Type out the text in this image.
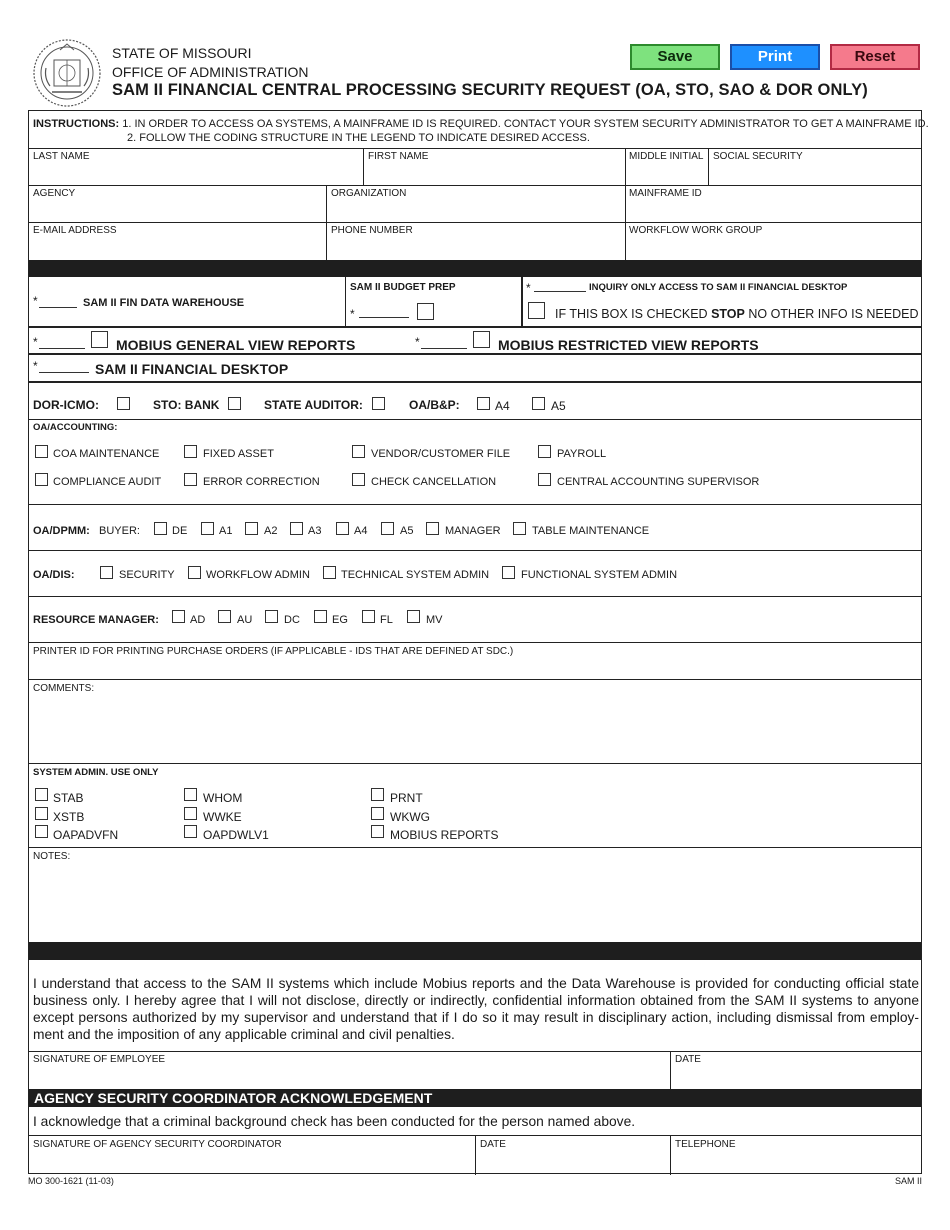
STATE OF MISSOURI
OFFICE OF ADMINISTRATION
SAM II FINANCIAL CENTRAL PROCESSING SECURITY REQUEST (OA, STO, SAO & DOR ONLY)
Save	Print	Reset
INSTRUCTIONS: 1. IN ORDER TO ACCESS OA SYSTEMS, A MAINFRAME ID IS REQUIRED. CONTACT YOUR SYSTEM SECURITY ADMINISTRATOR TO GET A MAINFRAME ID.
2. FOLLOW THE CODING STRUCTURE IN THE LEGEND TO INDICATE DESIRED ACCESS.
LAST NAME	FIRST NAME	MIDDLE INITIAL SOCIAL SECURITY
AGENCY	ORGANIZATION	MAINFRAME ID
E-MAIL ADDRESS	PHONE NUMBER	WORKFLOW WORK GROUP
*	SAM II FIN DATA WAREHOUSE
SAM II BUDGET PREP
*
*	INQUIRY ONLY ACCESS TO SAM II FINANCIAL DESKTOP
IF THIS BOX IS CHECKED STOP NO OTHER INFO IS NEEDED
*	MOBIUS GENERAL VIEW REPORTS	*	MOBIUS RESTRICTED VIEW REPORTS
*	SAM II FINANCIAL DESKTOP
DOR-ICMO:	STO: BANK	STATE AUDITOR:	OA/B&P:	A4	A5
OA/ACCOUNTING:
COA MAINTENANCE	FIXED ASSET	VENDOR/CUSTOMER FILE	PAYROLL
COMPLIANCE AUDIT	ERROR CORRECTION	CHECK CANCELLATION	CENTRAL ACCOUNTING SUPERVISOR
OA/DPMM: BUYER:	DE	A1	A2	A3	A4	A5	MANAGER	TABLE MAINTENANCE
OA/DIS:	SECURITY	WORKFLOW ADMIN	TECHNICAL SYSTEM ADMIN	FUNCTIONAL SYSTEM ADMIN
RESOURCE MANAGER:	AD	AU	DC	EG	FL	MV
PRINTER ID FOR PRINTING PURCHASE ORDERS (IF APPLICABLE - IDS THAT ARE DEFINED AT SDC.)
COMMENTS:
SYSTEM ADMIN. USE ONLY
STAB	WHOM	PRNT
XSTB	WWKE	WKWG
OAPADVFN	OAPDWLV1	MOBIUS REPORTS
NOTES:
I understand that access to the SAM II systems which include Mobius reports and the Data Warehouse is provided for conducting official state business only. I hereby agree that I will not disclose, directly or indirectly, confidential information obtained from the SAM II systems to anyone except persons authorized by my supervisor and understand that if I do so it may result in disciplinary action, including dismissal from employ-ment and the imposition of any applicable criminal and civil penalties.
SIGNATURE OF EMPLOYEE	DATE
AGENCY SECURITY COORDINATOR ACKNOWLEDGEMENT
I acknowledge that a criminal background check has been conducted for the person named above.
SIGNATURE OF AGENCY SECURITY COORDINATOR	DATE	TELEPHONE
MO 300-1621 (11-03)	SAM II
